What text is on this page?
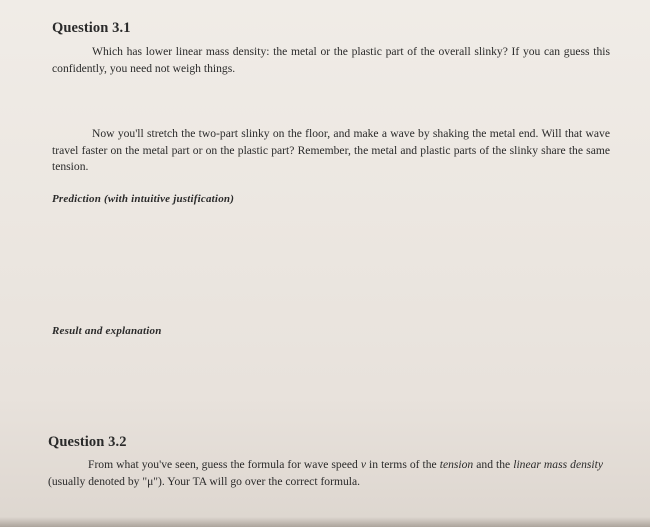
Question 3.1
Which has lower linear mass density: the metal or the plastic part of the overall slinky? If you can guess this confidently, you need not weigh things.
Now you'll stretch the two-part slinky on the floor, and make a wave by shaking the metal end. Will that wave travel faster on the metal part or on the plastic part? Remember, the metal and plastic parts of the slinky share the same tension.
Prediction (with intuitive justification)
Result and explanation
Question 3.2
From what you've seen, guess the formula for wave speed v in terms of the tension and the linear mass density (usually denoted by "μ"). Your TA will go over the correct formula.
